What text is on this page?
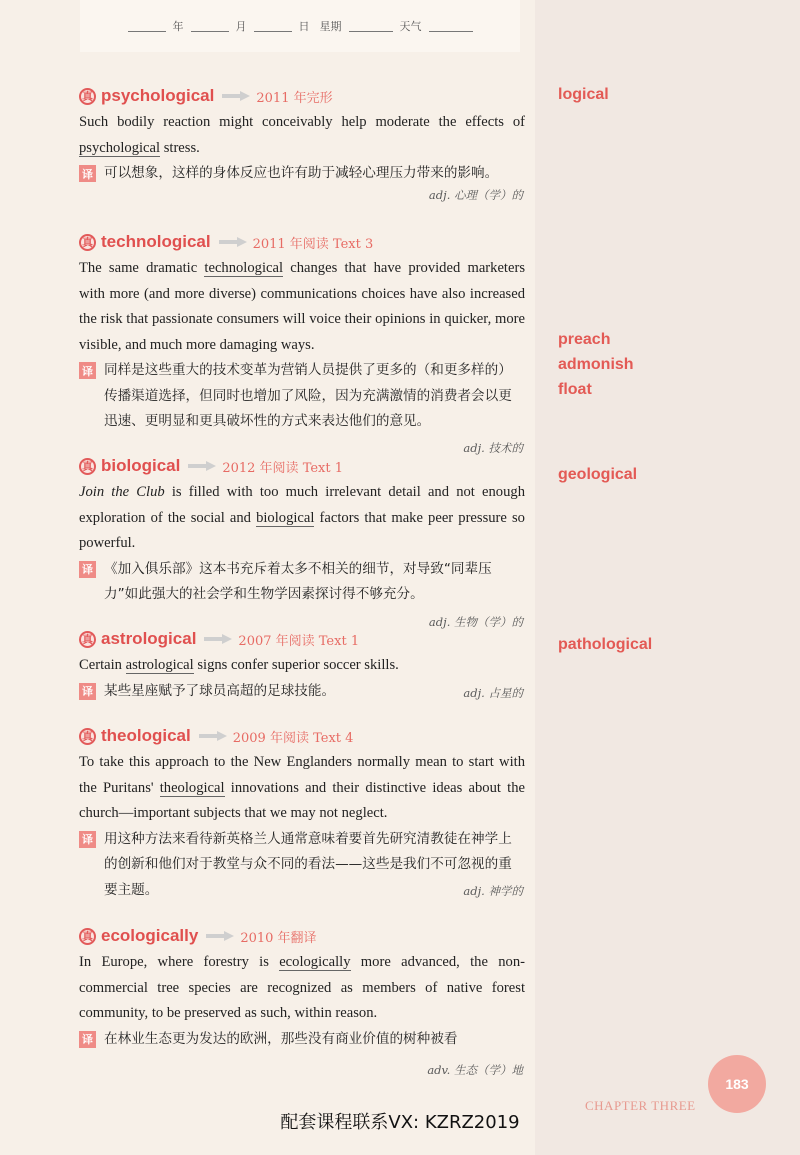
年	月	日 星期	天气
真 psychological	2011 年完形
Such bodily reaction might conceivably help moderate the effects of psychological stress.
译 可以想象，这样的身体反应也许有助于减轻心理压力带来的影响。
adj. 心理（学）的
真 technological	2011 年阅读 Text 3
The same dramatic technological changes that have provided marketers with more (and more diverse) communications choices have also increased the risk that passionate consumers will voice their opinions in quicker, more visible, and much more damaging ways.
译 同样是这些重大的技术变革为营销人员提供了更多的（和更多样的）传播渠道选择，但同时也增加了风险，因为充满激情的消费者会以更迅速、更明显和更具破坏性的方式来表达他们的意见。
adj. 技术的
真 biological	2012 年阅读 Text 1
Join the Club is filled with too much irrelevant detail and not enough exploration of the social and biological factors that make peer pressure so powerful.
译 《加入俱乐部》这本书充斥着太多不相关的细节，对导致“同辈压力”如此强大的社会学和生物学因素探讨得不够充分。
adj. 生物（学）的
真 astrological	2007 年阅读 Text 1
Certain astrological signs confer superior soccer skills.
译 某些星座赋予了球员高超的足球技能。	adj. 占星的
真 theological	2009 年阅读 Text 4
To take this approach to the New Englanders normally mean to start with the Puritans' theological innovations and their distinctive ideas about the church—important subjects that we may not neglect.
译 用这种方法来看待新英格兰人通常意味着要首先研究清教徒在神学上的创新和他们对于教堂与众不同的看法——这些是我们不可忽视的重要主题。	adj. 神学的
真 ecologically	2010 年翻译
In Europe, where forestry is ecologically more advanced, the non-commercial tree species are recognized as members of native forest community, to be preserved as such, within reason.
译 在林业生态更为发达的欧洲，那些没有商业价值的树种被看
adv. 生态（学）地
logical
preach
admonish
float
geological
pathological
183
CHAPTER THREE
配套课程联系VX: KZRZ2019
